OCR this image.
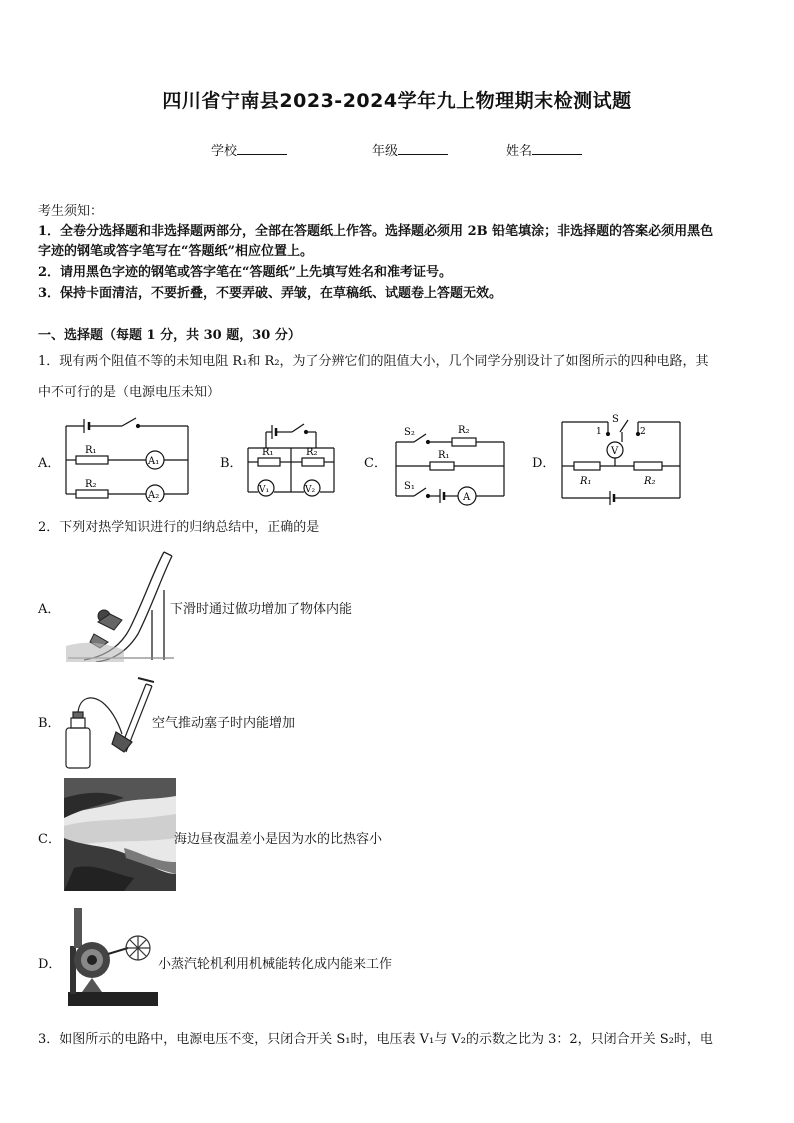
四川省宁南县2023-2024学年九上物理期末检测试题
学校	年级	姓名
考生须知：
1．全卷分选择题和非选择题两部分，全部在答题纸上作答。选择题必须用 2B 铅笔填涂；非选择题的答案必须用黑色
字迹的钢笔或答字笔写在“答题纸”相应位置上。
2．请用黑色字迹的钢笔或答字笔在“答题纸”上先填写姓名和准考证号。
3．保持卡面清洁，不要折叠，不要弄破、弄皱，在草稿纸、试题卷上答题无效。
一、选择题（每题 1 分，共 30 题，30 分）
1．现有两个阻值不等的未知电阻 R₁和 R₂，为了分辨它们的阻值大小，几个同学分别设计了如图所示的四种电路，其
中不可行的是（电源电压未知）
A．	B．	C．	D．
R₁
R₂
A₁
A₂
R₁	R₂
V₁	V₂
S₂	R₂
R₁
S₁
A
S
1	2
V
R₁	R₂
2．下列对热学知识进行的归纳总结中，正确的是
A．	下滑时通过做功增加了物体内能
B．	空气推动塞子时内能增加
C．	海边昼夜温差小是因为水的比热容小
D．	小蒸汽轮机利用机械能转化成内能来工作
3．如图所示的电路中，电源电压不变，只闭合开关 S₁时，电压表 V₁与 V₂的示数之比为 3：2，只闭合开关 S₂时，电
